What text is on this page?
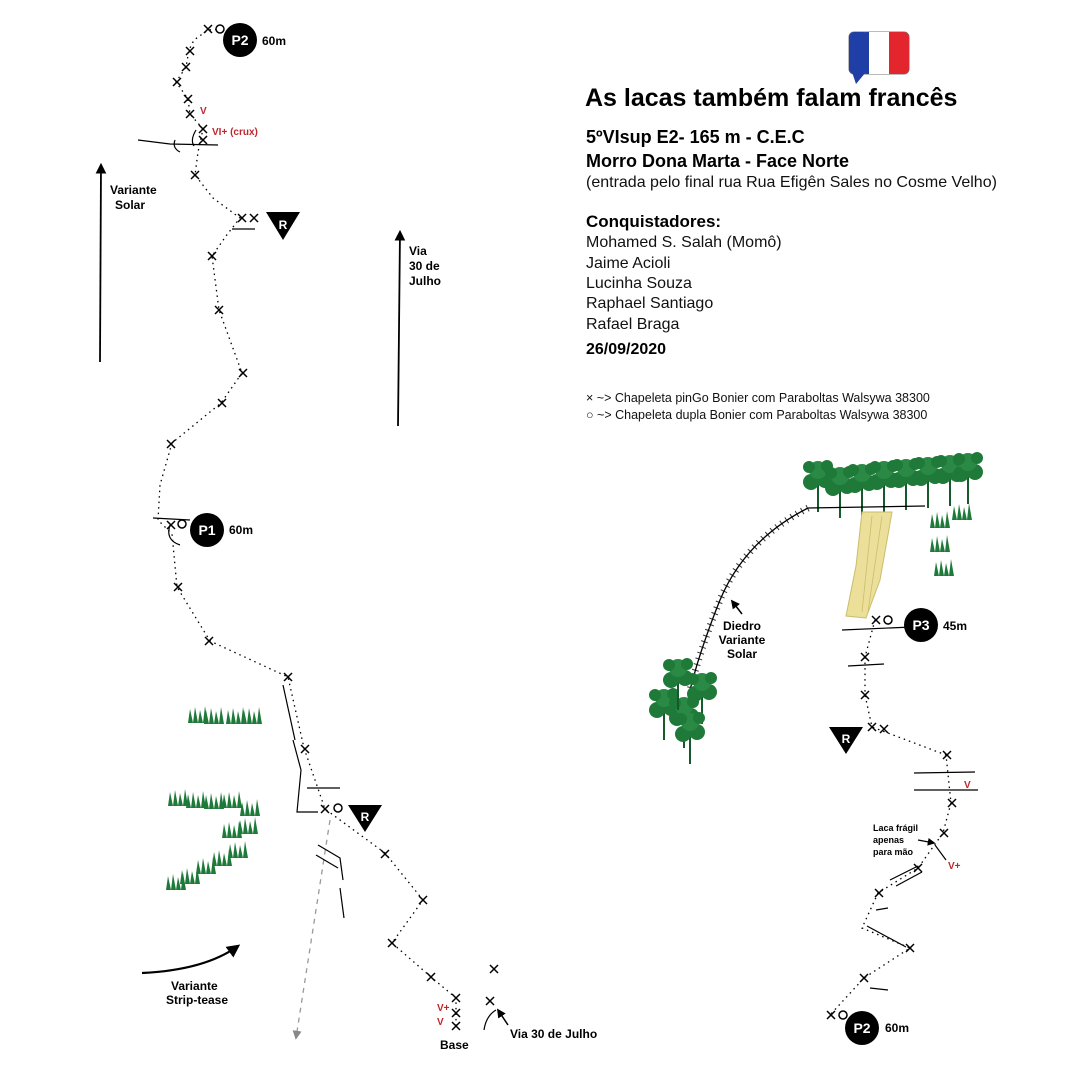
As lacas também falam francês
5ºVIsup E2- 165 m - C.E.C
Morro Dona Marta - Face Norte
(entrada pelo final rua Rua Efigên Sales no Cosme Velho)
Conquistadores:
Mohamed S. Salah (Momô)
Jaime Acioli
Lucinha Souza
Raphael Santiago
Rafael Braga
26/09/2020
× ~> Chapeleta pinGo Bonier com Paraboltas Walsywa 38300
○ ~> Chapeleta dupla Bonier com Paraboltas Walsywa 38300
P2 60m
P1 60m
R
R
V
VI+ (crux)
V+
V
Variante
Solar
Via
30 de
Julho
Variante
Strip-tease
Base
Via 30 de Julho
P3 45m
P2 60m
R
Diedro
Variante
Solar
Laca frágil
apenas
para mão
V
V+
